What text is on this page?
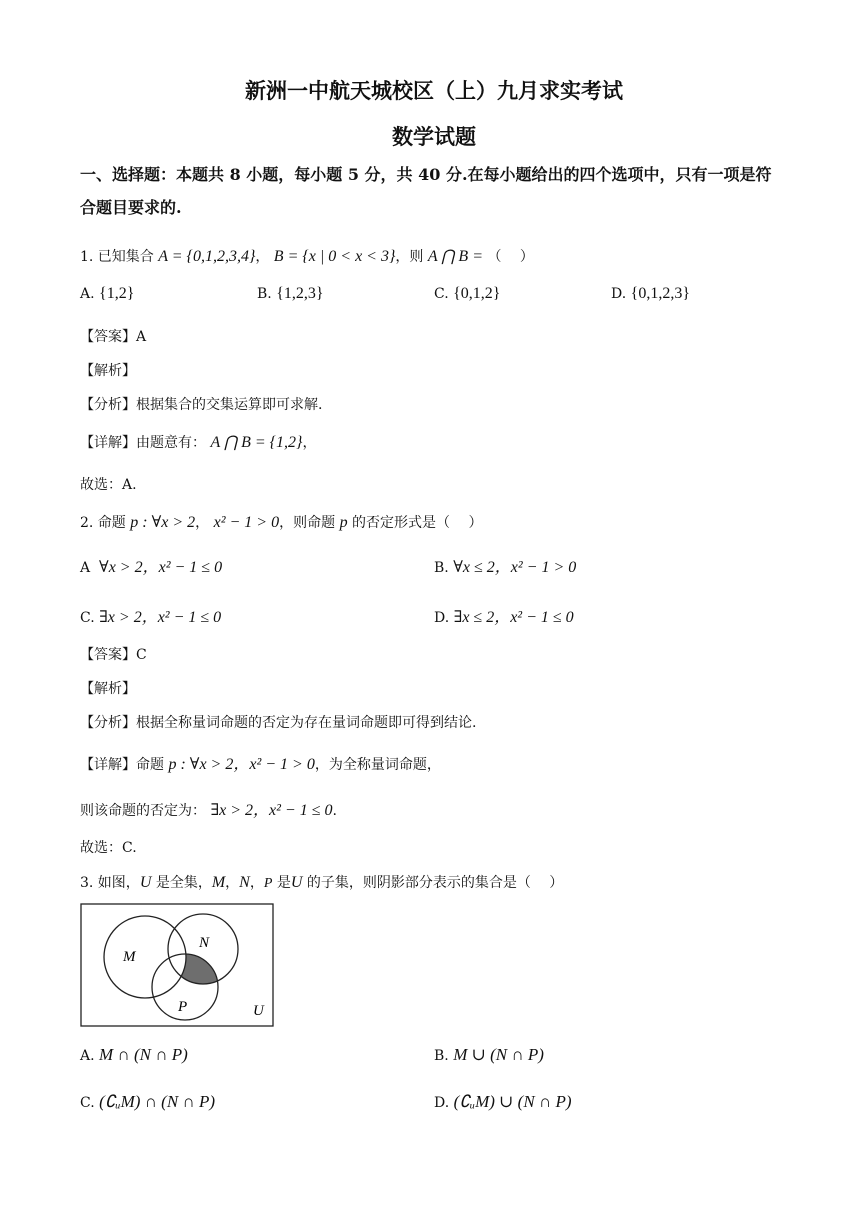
新洲一中航天城校区（上）九月求实考试
数学试题
一、选择题：本题共 8 小题，每小题 5 分，共 40 分.在每小题给出的四个选项中，只有一项是符合题目要求的.
1. 已知集合 A = {0,1,2,3,4}， B = {x | 0 < x < 3}，则 A ⋂ B = （　 ）
A. {1,2}	B. {1,2,3}	C. {0,1,2}	D. {0,1,2,3}
【答案】A
【解析】
【分析】根据集合的交集运算即可求解.
【详解】由题意有： A ⋂ B = {1,2}，
故选：A.
2. 命题 p : ∀x > 2， x² − 1 > 0，则命题 p 的否定形式是（　 ）
A ∀x > 2，x² − 1 ≤ 0	B. ∀x ≤ 2，x² − 1 > 0
C. ∃x > 2，x² − 1 ≤ 0	D. ∃x ≤ 2，x² − 1 ≤ 0
【答案】C
【解析】
【分析】根据全称量词命题的否定为存在量词命题即可得到结论.
【详解】命题 p : ∀x > 2，x² − 1 > 0，为全称量词命题，
则该命题的否定为： ∃x > 2，x² − 1 ≤ 0.
故选：C.
3. 如图，U 是全集，M，N，P 是U 的子集，则阴影部分表示的集合是（　 ）
M
N
P	U
A. M ∩ (N ∩ P)	B. M ∪ (N ∩ P)
C. (∁ᵤM) ∩ (N ∩ P)	D. (∁ᵤM) ∪ (N ∩ P)
